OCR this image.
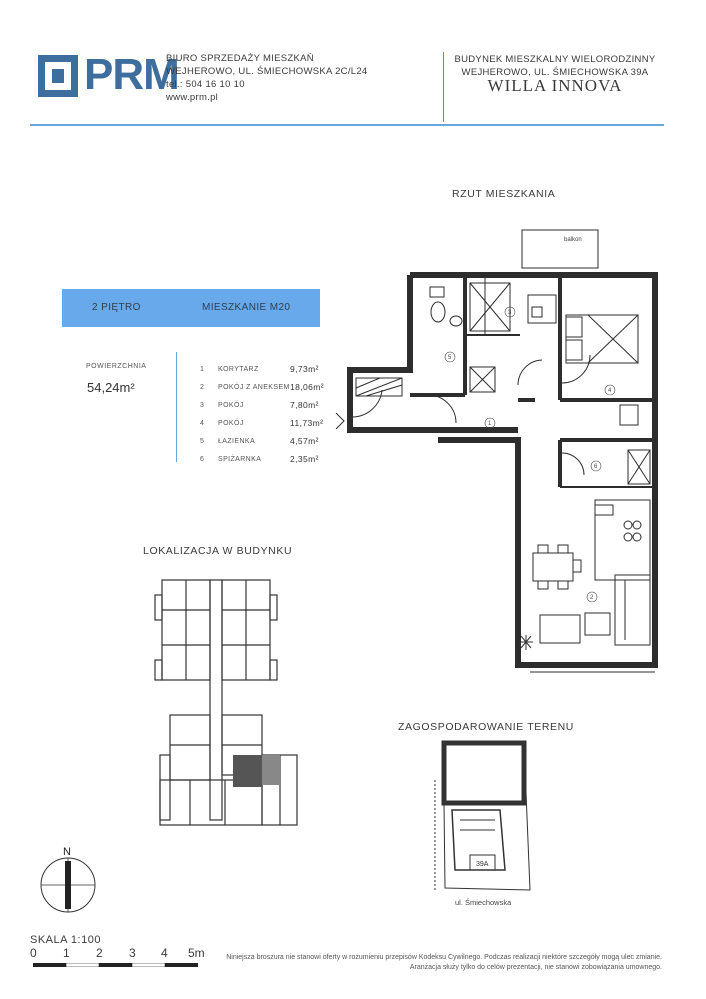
PRM
BIURO SPRZEDAŻY MIESZKAŃ
WEJHEROWO, UL. ŚMIECHOWSKA 2C/L24
tel.: 504 16 10 10
www.prm.pl
BUDYNEK MIESZKALNY WIELORODZINNY
WEJHEROWO, UL. ŚMIECHOWSKA 39A
WILLA INNOVA
RZUT MIESZKANIA
2 PIĘTRO	MIESZKANIE M20
POWIERZCHNIA
54,24m²
1	KORYTARZ	9,73m²
2	POKÓJ Z ANEKSEM 18,06m²
3	POKÓJ	7,80m²
4	POKÓJ	11,73m²
5	ŁAZIENKA	4,57m²
6	SPIŻARNKA	2,35m²
1
2
3
4
5
6
balkon
LOKALIZACJA W BUDYNKU
ZAGOSPODAROWANIE TERENU
39A
ul. Śmiechowska
N
SKALA 1:100
0 1 2 3 4 5m	Niniejsza broszura nie stanowi oferty w rozumieniu przepisów Kodeksu Cywilnego. Podczas realizacji niektóre szczegóły mogą ulec zmianie.
Aranżacja służy tylko do celów prezentacji, nie stanowi zobowiązania umownego.
